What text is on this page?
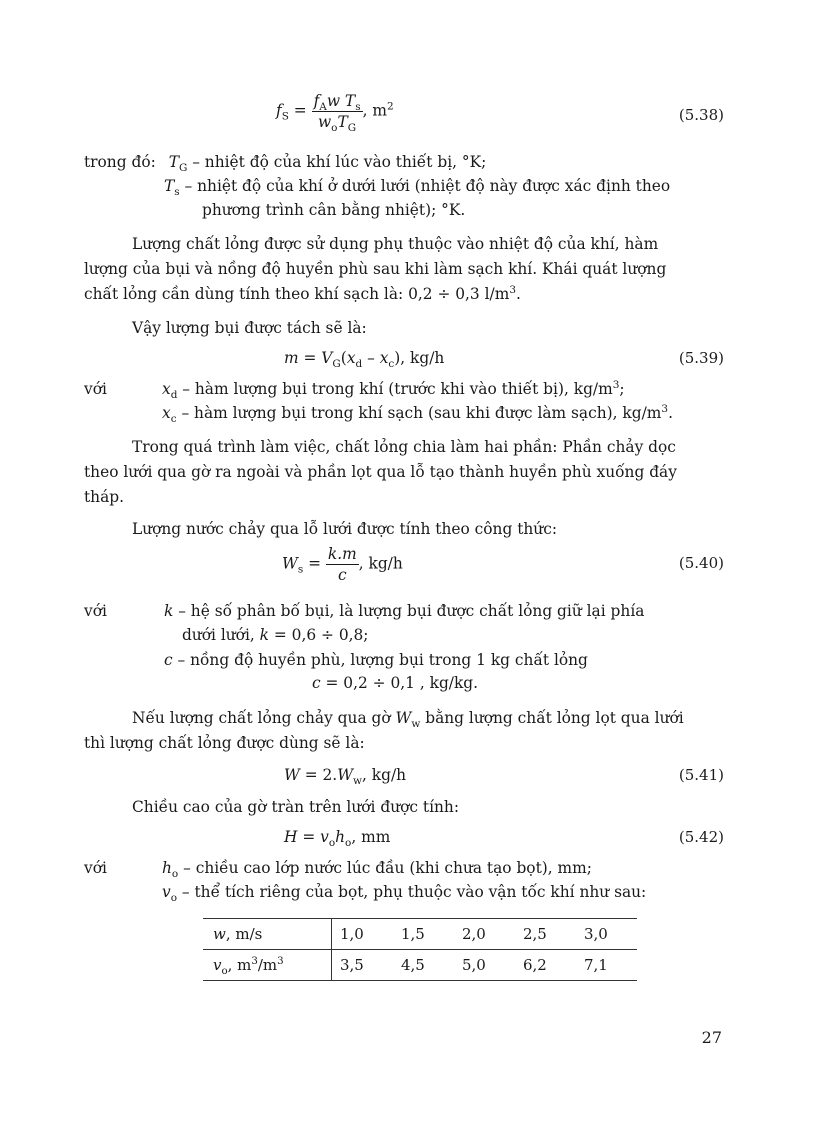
$f_S = \frac{f_Aw T_s}{w_oT_G}$ , $m^2$	(5.38)
trong đó: $T_G$ – nhiệt độ của khí lúc vào thiết bị, °K;
$T_s$ – nhiệt độ của khí ở dưới lưới (nhiệt độ này được xác định theo
phương trình cân bằng nhiệt); °K.
Lượng chất lỏng được sử dụng phụ thuộc vào nhiệt độ của khí, hàm
lượng của bụi và nồng độ huyền phù sau khi làm sạch khí. Khái quát lượng
chất lỏng cần dùng tính theo khí sạch là: 0,2 ÷ 0,3 $l/m^3$.
Vậy lượng bụi được tách sẽ là:
$m = V_G(x_d - x_c)$, kg/h	(5.39)
với	$x_d$ – hàm lượng bụi trong khí (trước khi vào thiết bị), $kg/m^3$;
$x_c$ – hàm lượng bụi trong khí sạch (sau khi được làm sạch), $kg/m^3$.
Trong quá trình làm việc, chất lỏng chia làm hai phần: Phần chảy dọc
theo lưới qua gờ ra ngoài và phần lọt qua lỗ tạo thành huyền phù xuống đáy
tháp.
Lượng nước chảy qua lỗ lưới được tính theo công thức:
$W_s = \frac{k.m}{c}$ , kg/h	(5.40)
với	k – hệ số phân bố bụi, là lượng bụi được chất lỏng giữ lại phía
dưới lưới, k = 0,6 ÷ 0,8;
c – nồng độ huyền phù, lượng bụi trong 1 kg chất lỏng
c = 0,2 ÷ 0,1 , kg/kg.
Nếu lượng chất lỏng chảy qua gờ $W_w$ bằng lượng chất lỏng lọt qua lưới
thì lượng chất lỏng được dùng sẽ là:
$W = 2.W_w$, kg/h	(5.41)
Chiều cao của gờ tràn trên lưới được tính:
$H = v_oh_o$, mm	(5.42)
với	$h_o$ – chiều cao lớp nước lúc đầu (khi chưa tạo bọt), mm;
$v_o$ – thể tích riêng của bọt, phụ thuộc vào vận tốc khí như sau:
w, m/s	1,0	1,5	2,0	2,5	3,0
$v_o$, $m^3/m^3$	3,5	4,5	5,0	6,2	7,1
27
